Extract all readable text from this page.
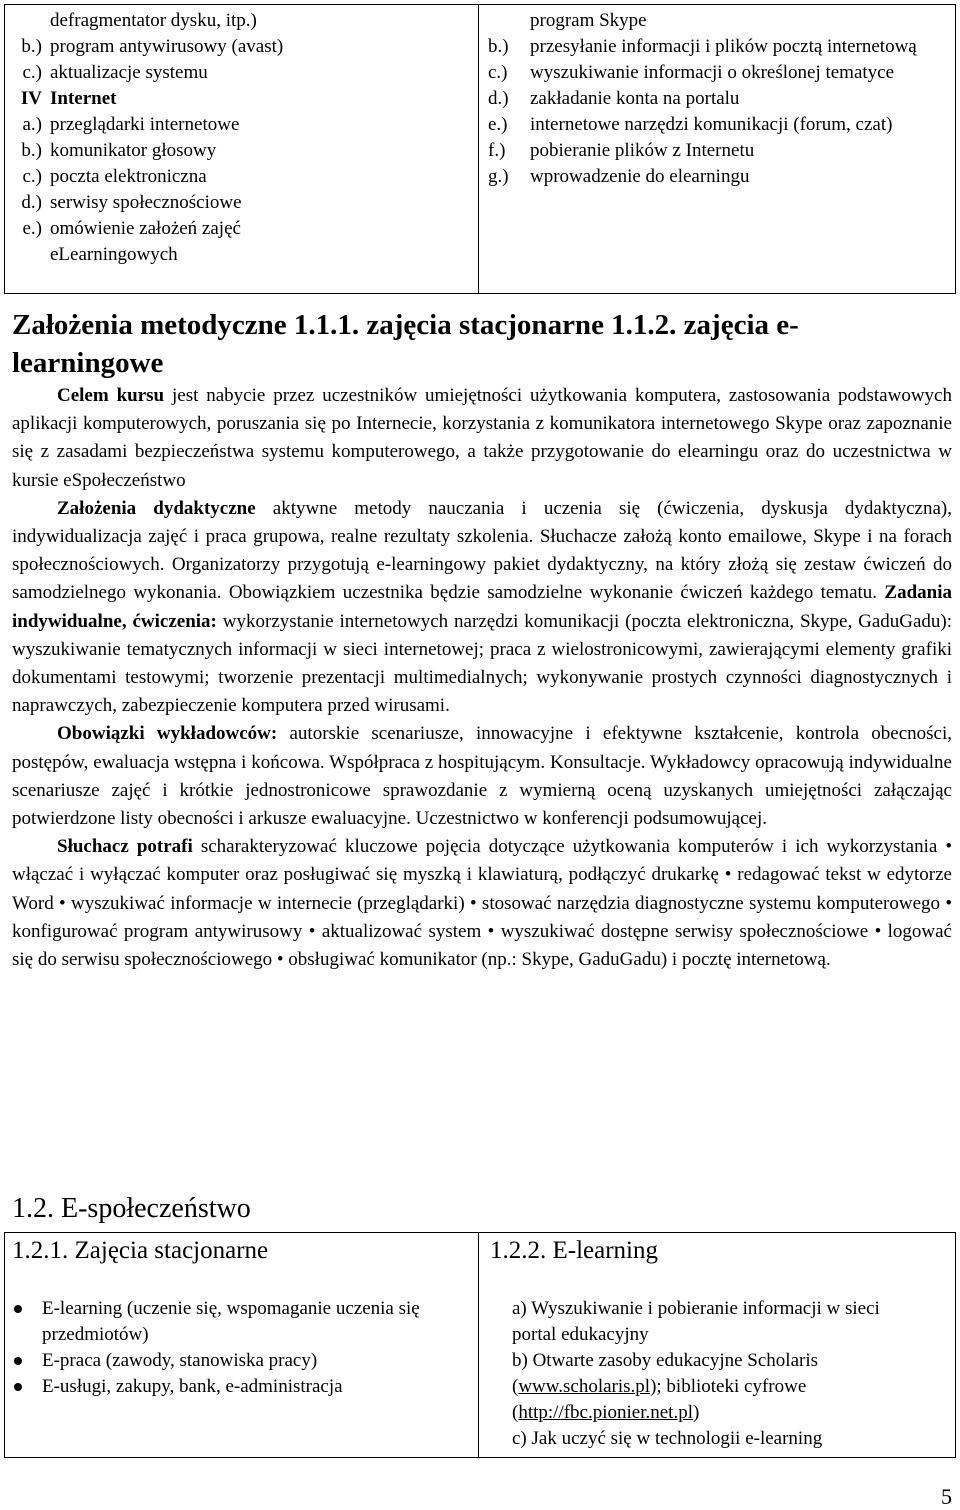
defragmentator dysku, itp.)
b.) program antywirusowy (avast)
c.) aktualizacje systemu
IV Internet
a.) przeglądarki internetowe
b.) komunikator głosowy
c.) poczta elektroniczna
d.) serwisy społecznościowe
e.) omówienie założeń zajęć
eLearningowych
program Skype
b.) przesyłanie informacji i plików pocztą internetową
c.) wyszukiwanie informacji o określonej tematyce
d.) zakładanie konta na portalu
e.) internetowe narzędzi komunikacji (forum, czat)
f.) pobieranie plików z Internetu
g.) wprowadzenie do elearningu
Założenia metodyczne 1.1.1. zajęcia stacjonarne 1.1.2. zajęcia e-learningowe

Celem kursu jest nabycie przez uczestników umiejętności użytkowania komputera, zastosowania podstawowych aplikacji komputerowych, poruszania się po Internecie, korzystania z komunikatora internetowego Skype oraz zapoznanie się z zasadami bezpieczeństwa systemu komputerowego, a także przygotowanie do elearningu oraz do uczestnictwa w kursie eSpołeczeństwo

Założenia dydaktyczne aktywne metody nauczania i uczenia się (ćwiczenia, dyskusja dydaktyczna), indywidualizacja zajęć i praca grupowa, realne rezultaty szkolenia. Słuchacze założą konto emailowe, Skype i na forach społecznościowych. Organizatorzy przygotują e-learningowy pakiet dydaktyczny, na który złożą się zestaw ćwiczeń do samodzielnego wykonania. Obowiązkiem uczestnika będzie samodzielne wykonanie ćwiczeń każdego tematu. Zadania indywidualne, ćwiczenia: wykorzystanie internetowych narzędzi komunikacji (poczta elektroniczna, Skype, GaduGadu): wyszukiwanie tematycznych informacji w sieci internetowej; praca z wielostronicowymi, zawierającymi elementy grafiki dokumentami testowymi; tworzenie prezentacji multimedialnych; wykonywanie prostych czynności diagnostycznych i naprawczych, zabezpieczenie komputera przed wirusami.

Obowiązki wykładowców: autorskie scenariusze, innowacyjne i efektywne kształcenie, kontrola obecności, postępów, ewaluacja wstępna i końcowa. Współpraca z hospitującym. Konsultacje. Wykładowcy opracowują indywidualne scenariusze zajęć i krótkie jednostronicowe sprawozdanie z wymierną oceną uzyskanych umiejętności załączając potwierdzone listy obecności i arkusze ewaluacyjne. Uczestnictwo w konferencji podsumowującej.

Słuchacz potrafi scharakteryzować kluczowe pojęcia dotyczące użytkowania komputerów i ich wykorzystania • włączać i wyłączać komputer oraz posługiwać się myszką i klawiaturą, podłączyć drukarkę • redagować tekst w edytorze Word • wyszukiwać informacje w internecie (przeglądarki) • stosować narzędzia diagnostyczne systemu komputerowego • konfigurować program antywirusowy • aktualizować system • wyszukiwać dostępne serwisy społecznościowe • logować się do serwisu społecznościowego • obsługiwać komunikator (np.: Skype, GaduGadu) i pocztę internetową.

1.2. E-społeczeństwo
1.2.1. Zajęcia stacjonarne
E-learning (uczenie się, wspomaganie uczenia się przedmiotów)
E-praca (zawody, stanowiska pracy)
E-usługi, zakupy, bank, e-administracja
1.2.2. E-learning
a) Wyszukiwanie i pobieranie informacji w sieci portal edukacyjny
b) Otwarte zasoby edukacyjne Scholaris (www.scholaris.pl); biblioteki cyfrowe (http://fbc.pionier.net.pl)
c) Jak uczyć się w technologii e-learning
5
